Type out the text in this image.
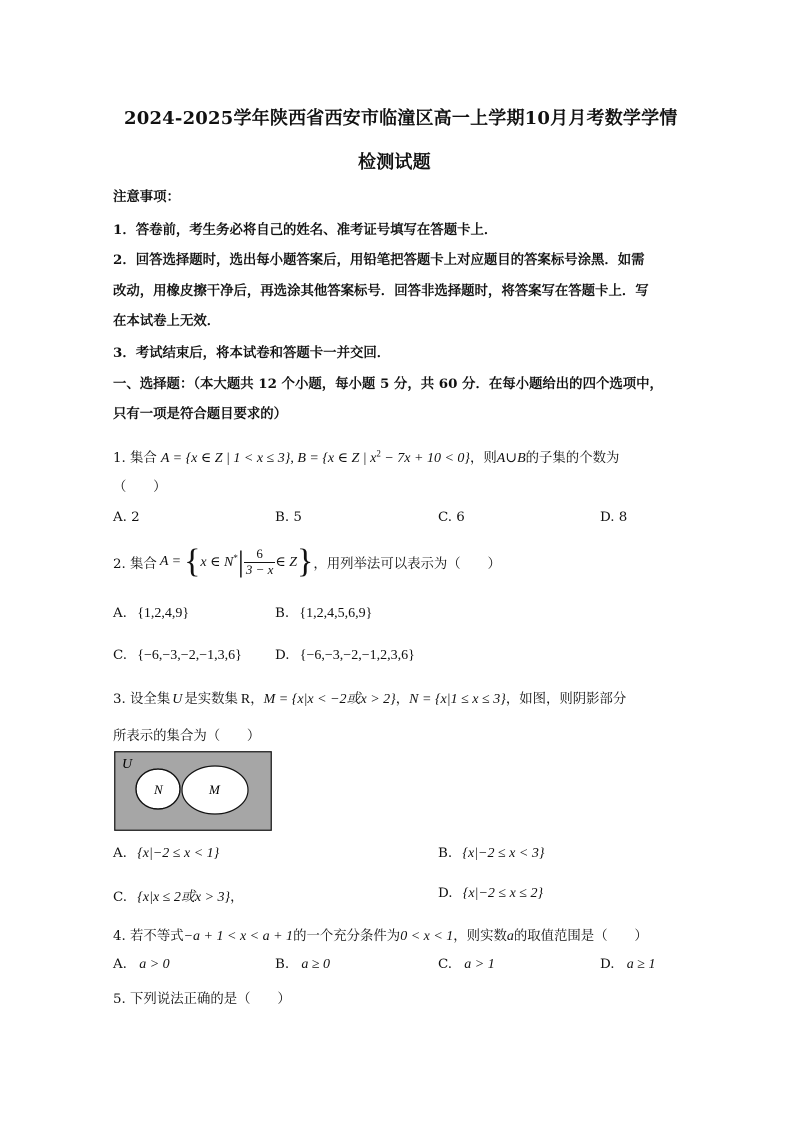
2024-2025学年陕西省西安市临潼区高一上学期10月月考数学学情
检测试题
注意事项：
1．答卷前，考生务必将自己的姓名、准考证号填写在答题卡上．
2．回答选择题时，选出每小题答案后，用铅笔把答题卡上对应题目的答案标号涂黑．如需
改动，用橡皮擦干净后，再选涂其他答案标号．回答非选择题时，将答案写在答题卡上．写
在本试卷上无效．
3．考试结束后，将本试卷和答题卡一并交回．
一、选择题：（本大题共 12 个小题，每小题 5 分，共 60 分．在每小题给出的四个选项中，
只有一项是符合题目要求的）
1. 集合 A = {x ∈ Z | 1 < x ≤ 3}, B = {x ∈ Z | $x^2 - 7x + 10 < 0$}，则A∪B的子集的个数为
（　　）
A. 2	B. 5	C. 6	D. 8
2. 集合 A = { x ∈ N* | $\frac{6}{3 - x}$ ∈ Z } ，用列举法可以表示为（　　）
A. {1,2,4,9}	B. {1,2,4,5,6,9}
C. {−6,−3,−2,−1,3,6} D. {−6,−3,−2,−1,2,3,6}
3. 设全集 U 是实数集 R，M = {x|x < −2或x > 2}，N = {x|1 ≤ x ≤ 3}，如图，则阴影部分
所表示的集合为（　　）
U
N	M
A. {x|−2 ≤ x < 1}	B. {x|−2 ≤ x < 3}
C. {x|x ≤ 2或x > 3}，	D. {x|−2 ≤ x ≤ 2}
4. 若不等式−a + 1 < x < a + 1的一个充分条件为0 < x < 1，则实数a的取值范围是（　　）
A. a > 0	B. a ≥ 0	C. a > 1	D. a ≥ 1
5. 下列说法正确的是（　　）
